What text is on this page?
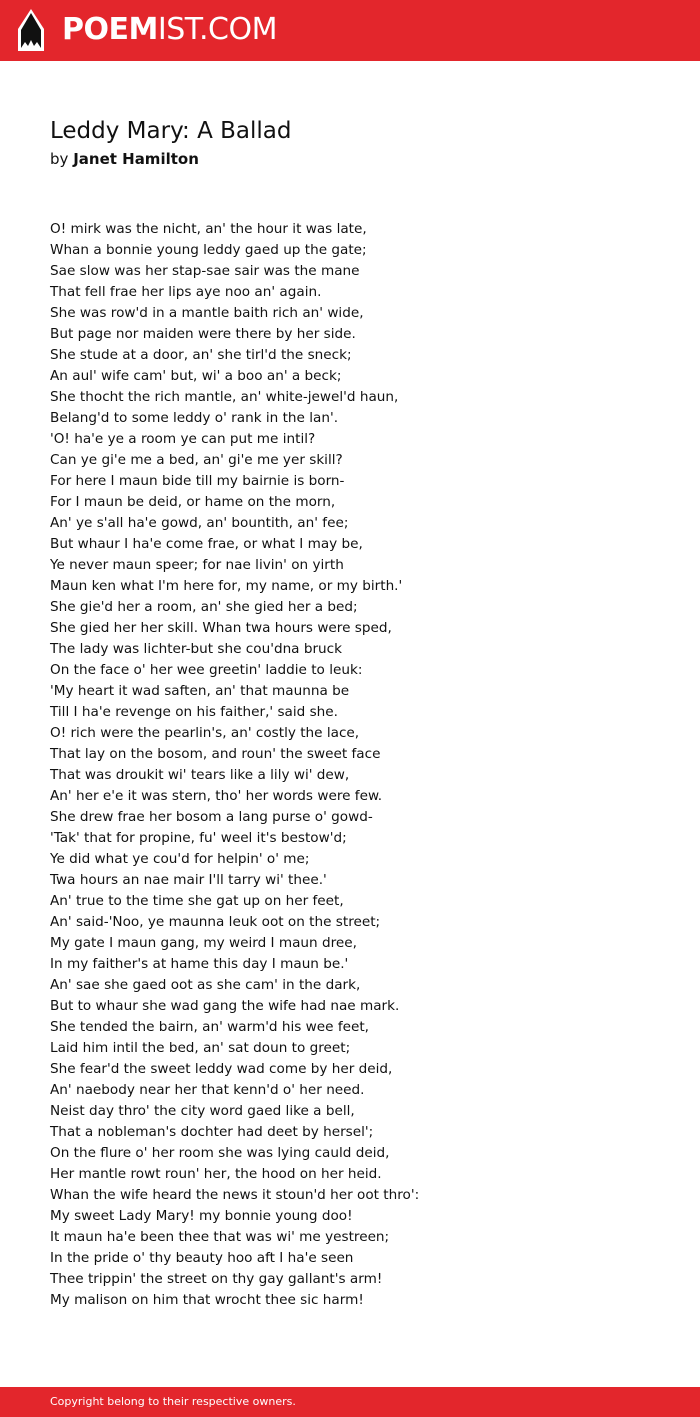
POEMIST.COM
Leddy Mary: A Ballad
by Janet Hamilton
O! mirk was the nicht, an' the hour it was late,
Whan a bonnie young leddy gaed up the gate;
Sae slow was her stap-sae sair was the mane
That fell frae her lips aye noo an' again.
She was row'd in a mantle baith rich an' wide,
But page nor maiden were there by her side.
She stude at a door, an' she tirl'd the sneck;
An aul' wife cam' but, wi' a boo an' a beck;
She thocht the rich mantle, an' white-jewel'd haun,
Belang'd to some leddy o' rank in the lan'.
'O! ha'e ye a room ye can put me intil?
Can ye gi'e me a bed, an' gi'e me yer skill?
For here I maun bide till my bairnie is born-
For I maun be deid, or hame on the morn,
An' ye s'all ha'e gowd, an' bountith, an' fee;
But whaur I ha'e come frae, or what I may be,
Ye never maun speer; for nae livin' on yirth
Maun ken what I'm here for, my name, or my birth.'
She gie'd her a room, an' she gied her a bed;
She gied her her skill. Whan twa hours were sped,
The lady was lichter-but she cou'dna bruck
On the face o' her wee greetin' laddie to leuk:
'My heart it wad saften, an' that maunna be
Till I ha'e revenge on his faither,' said she.
O! rich were the pearlin's, an' costly the lace,
That lay on the bosom, and roun' the sweet face
That was droukit wi' tears like a lily wi' dew,
An' her e'e it was stern, tho' her words were few.
She drew frae her bosom a lang purse o' gowd-
'Tak' that for propine, fu' weel it's bestow'd;
Ye did what ye cou'd for helpin' o' me;
Twa hours an nae mair I'll tarry wi' thee.'
An' true to the time she gat up on her feet,
An' said-'Noo, ye maunna leuk oot on the street;
My gate I maun gang, my weird I maun dree,
In my faither's at hame this day I maun be.'
An' sae she gaed oot as she cam' in the dark,
But to whaur she wad gang the wife had nae mark.
She tended the bairn, an' warm'd his wee feet,
Laid him intil the bed, an' sat doun to greet;
She fear'd the sweet leddy wad come by her deid,
An' naebody near her that kenn'd o' her need.
Neist day thro' the city word gaed like a bell,
That a nobleman's dochter had deet by hersel';
On the flure o' her room she was lying cauld deid,
Her mantle rowt roun' her, the hood on her heid.
Whan the wife heard the news it stoun'd her oot thro':
My sweet Lady Mary! my bonnie young doo!
It maun ha'e been thee that was wi' me yestreen;
In the pride o' thy beauty hoo aft I ha'e seen
Thee trippin' the street on thy gay gallant's arm!
My malison on him that wrocht thee sic harm!
Copyright belong to their respective owners.
